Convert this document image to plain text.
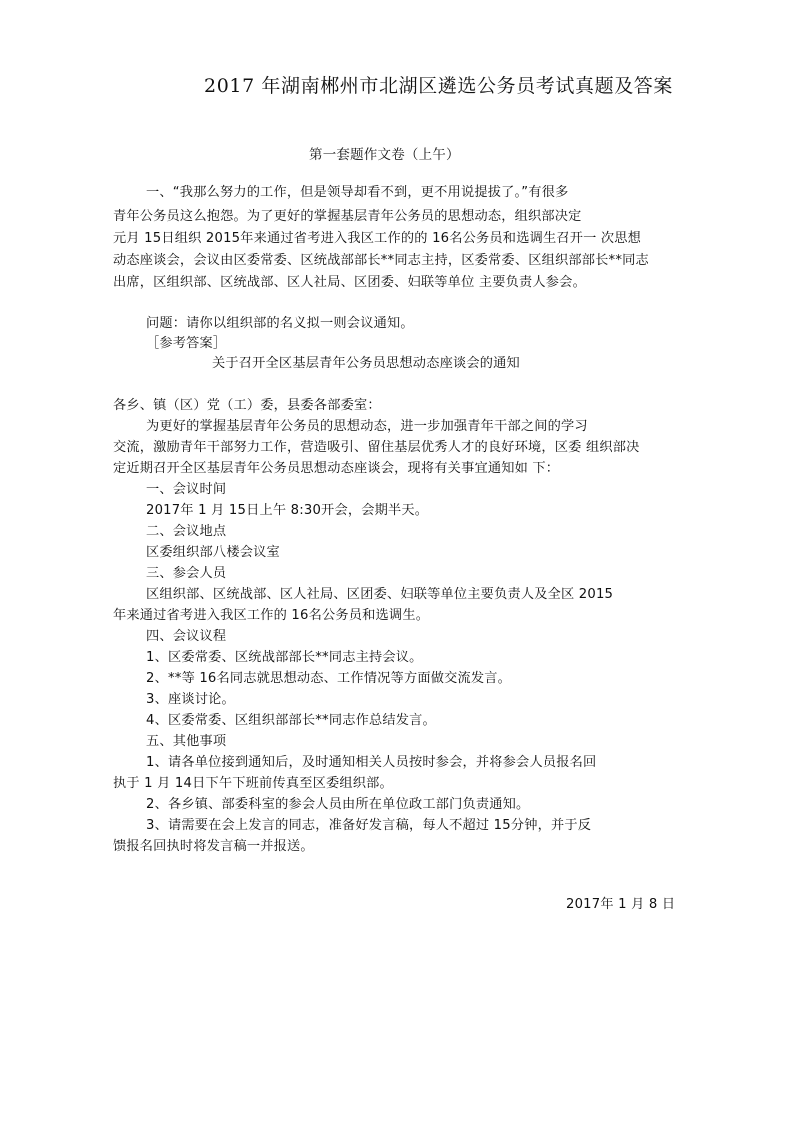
2017 年湖南郴州市北湖区遴选公务员考试真题及答案
第一套题作文卷（上午）
一、“我那么努力的工作，但是领导却看不到，更不用说提拔了。”有很多
青年公务员这么抱怨。为了更好的掌握基层青年公务员的思想动态，组织部决定
元月 15日组织 2015年来通过省考进入我区工作的的 16名公务员和选调生召开一 次思想
动态座谈会，会议由区委常委、区统战部部长**同志主持，区委常委、区组织部部长**同志
出席，区组织部、区统战部、区人社局、区团委、妇联等单位 主要负责人参会。
问题：请你以组织部的名义拟一则会议通知。
［参考答案］
关于召开全区基层青年公务员思想动态座谈会的通知
各乡、镇（区）党（工）委，县委各部委室：
为更好的掌握基层青年公务员的思想动态，进一步加强青年干部之间的学习
交流，激励青年干部努力工作，营造吸引、留住基层优秀人才的良好环境，区委 组织部决
定近期召开全区基层青年公务员思想动态座谈会，现将有关事宜通知如 下：
一、会议时间
2017年 1 月 15日上午 8:30开会，会期半天。
二、会议地点
区委组织部八楼会议室
三、参会人员
区组织部、区统战部、区人社局、区团委、妇联等单位主要负责人及全区 2015
年来通过省考进入我区工作的 16名公务员和选调生。
四、会议议程
1、区委常委、区统战部部长**同志主持会议。
2、**等 16名同志就思想动态、工作情况等方面做交流发言。
3、座谈讨论。
4、区委常委、区组织部部长**同志作总结发言。
五、其他事项
1、请各单位接到通知后，及时通知相关人员按时参会，并将参会人员报名回
执于 1 月 14日下午下班前传真至区委组织部。
2、各乡镇、部委科室的参会人员由所在单位政工部门负责通知。
3、请需要在会上发言的同志，准备好发言稿，每人不超过 15分钟，并于反
馈报名回执时将发言稿一并报送。
2017年 1 月 8 日
